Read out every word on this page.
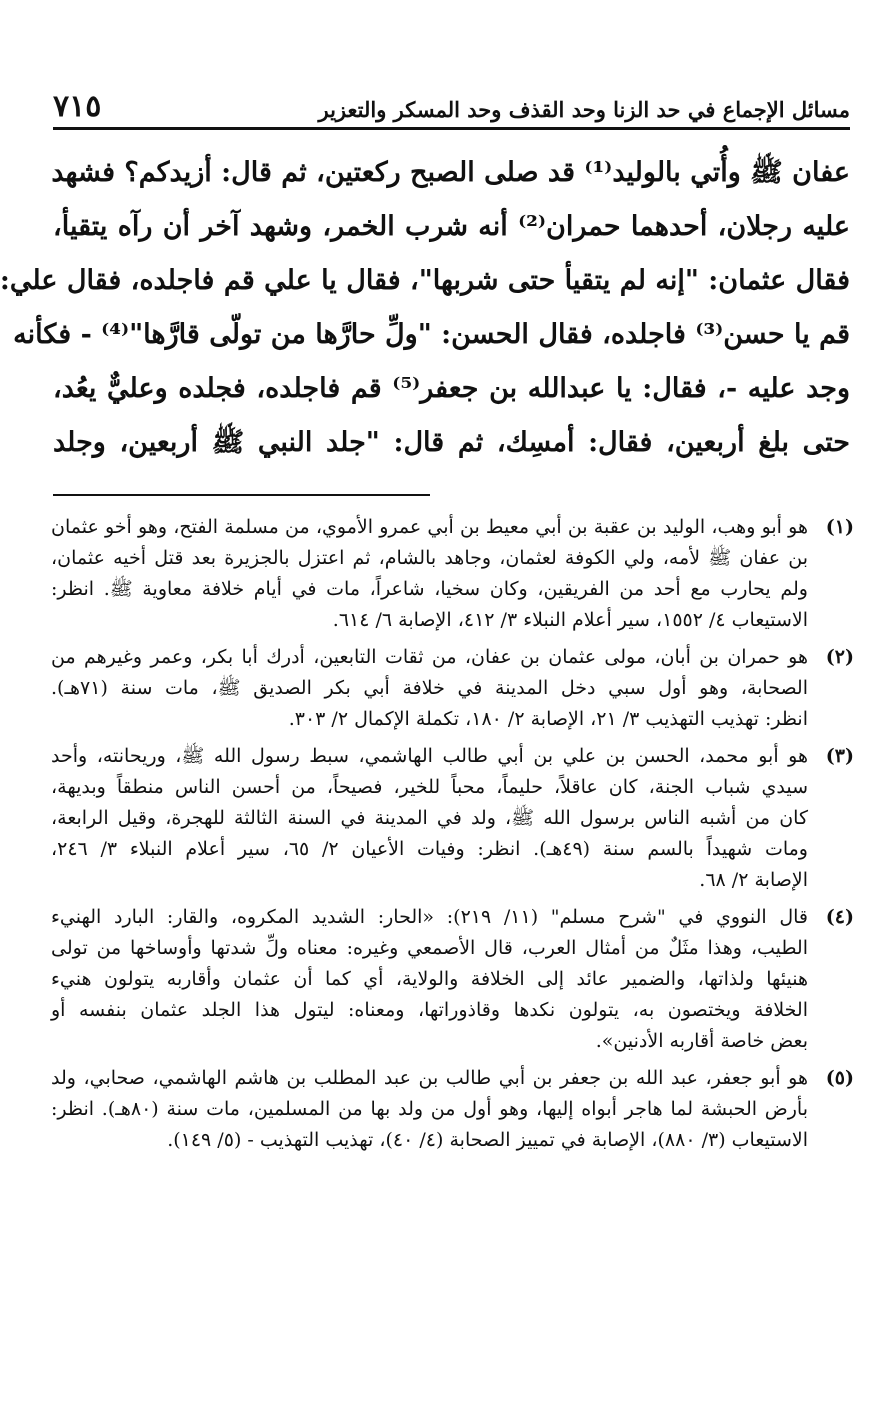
مسائل الإجماع في حد الزنا وحد القذف وحد المسكر والتعزير
٧١٥
عفان ﷺ وأُتي بالوليد⁽¹⁾ قد صلى الصبح ركعتين، ثم قال: أزيدكم؟ فشهد
عليه رجلان، أحدهما حمران⁽²⁾ أنه شرب الخمر، وشهد آخر أن رآه يتقيأ،
فقال عثمان: "إنه لم يتقيأ حتى شربها"، فقال يا علي قم فاجلده، فقال علي:
قم يا حسن⁽³⁾ فاجلده، فقال الحسن: "ولِّ حارَّها من تولّى قارَّها"⁽⁴⁾ - فكأنه
وجد عليه -، فقال: يا عبدالله بن جعفر⁽⁵⁾ قم فاجلده، فجلده وعليٌّ يعُد،
حتى بلغ أربعين، فقال: أمسِك، ثم قال: "جلد النبي ﷺ أربعين، وجلد
(١)
هو أبو وهب، الوليد بن عقبة بن أبي معيط بن أبي عمرو الأموي، من مسلمة الفتح، وهو أخو عثمان
بن عفان ﷺ لأمه، ولي الكوفة لعثمان، وجاهد بالشام، ثم اعتزل بالجزيرة بعد قتل أخيه عثمان،
ولم يحارب مع أحد من الفريقين، وكان سخيا، شاعراً، مات في أيام خلافة معاوية ﷺ. انظر:
الاستيعاب ٤/ ١٥٥٢، سير أعلام النبلاء ٣/ ٤١٢، الإصابة ٦/ ٦١٤.
(٢)
هو حمران بن أبان، مولى عثمان بن عفان، من ثقات التابعين، أدرك أبا بكر، وعمر وغيرهم من
الصحابة، وهو أول سبي دخل المدينة في خلافة أبي بكر الصديق ﷺ، مات سنة (٧١هـ).
انظر: تهذيب التهذيب ٣/ ٢١، الإصابة ٢/ ١٨٠، تكملة الإكمال ٢/ ٣٠٣.
(٣)
هو أبو محمد، الحسن بن علي بن أبي طالب الهاشمي، سبط رسول الله ﷺ، وريحانته، وأحد
سيدي شباب الجنة، كان عاقلاً، حليماً، محباً للخير، فصيحاً، من أحسن الناس منطقاً وبديهة،
كان من أشبه الناس برسول الله ﷺ، ولد في المدينة في السنة الثالثة للهجرة، وقيل الرابعة،
ومات شهيداً بالسم سنة (٤٩هـ). انظر: وفيات الأعيان ٢/ ٦٥، سير أعلام النبلاء ٣/ ٢٤٦،
الإصابة ٢/ ٦٨.
(٤)
قال النووي في "شرح مسلم" (١١/ ٢١٩): «الحار: الشديد المكروه، والقار: البارد الهنيء
الطيب، وهذا مثَلٌ من أمثال العرب، قال الأصمعي وغيره: معناه ولِّ شدتها وأوساخها من تولى
هنيئها ولذاتها، والضمير عائد إلى الخلافة والولاية، أي كما أن عثمان وأقاربه يتولون هنيء
الخلافة ويختصون به، يتولون نكدها وقاذوراتها، ومعناه: ليتول هذا الجلد عثمان بنفسه أو
بعض خاصة أقاربه الأدنين».
(٥)
هو أبو جعفر، عبد الله بن جعفر بن أبي طالب بن عبد المطلب بن هاشم الهاشمي، صحابي، ولد
بأرض الحبشة لما هاجر أبواه إليها، وهو أول من ولد بها من المسلمين، مات سنة (٨٠هـ). انظر:
الاستيعاب (٣/ ٨٨٠)، الإصابة في تمييز الصحابة (٤/ ٤٠)، تهذيب التهذيب - (٥/ ١٤٩).
